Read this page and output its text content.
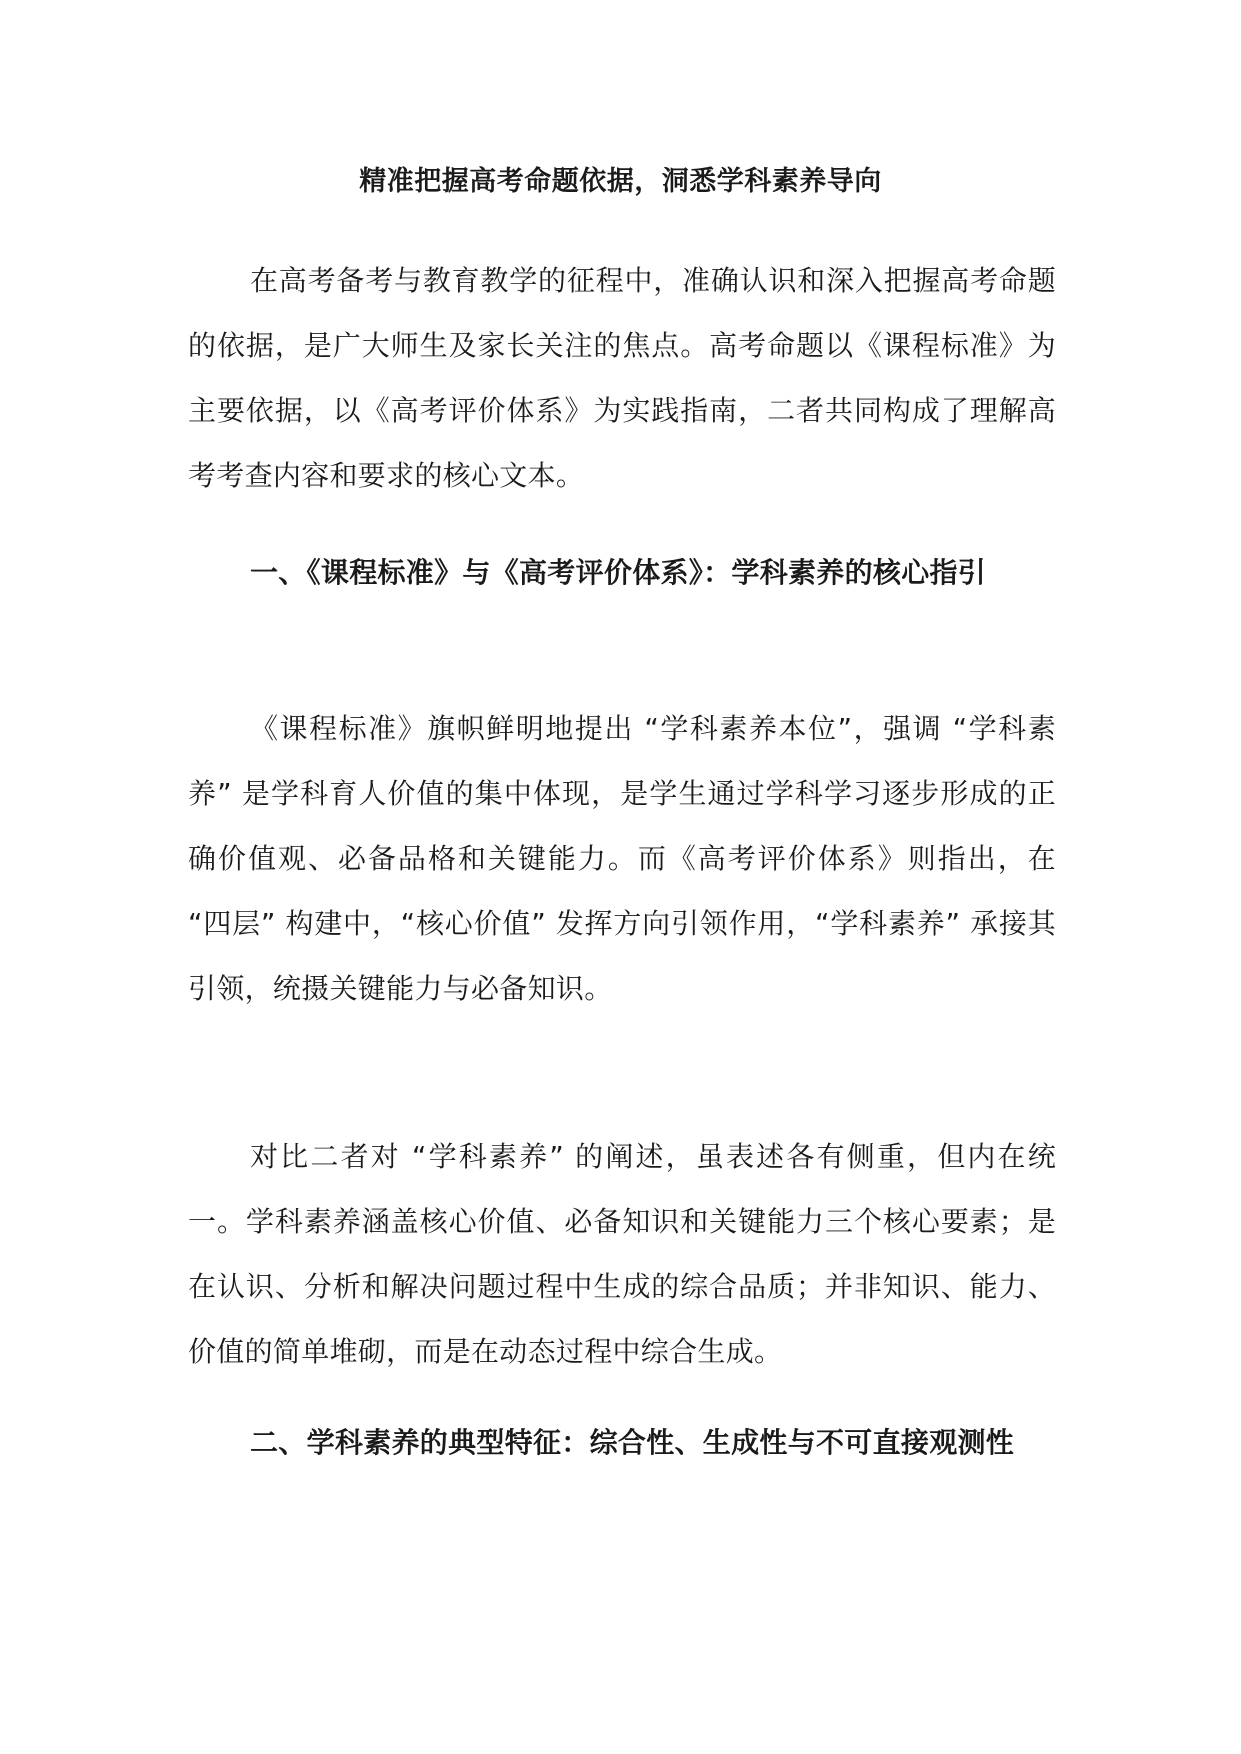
精准把握高考命题依据，洞悉学科素养导向
在高考备考与教育教学的征程中，准确认识和深入把握高考命题的依据，是广大师生及家长关注的焦点。高考命题以《课程标准》为主要依据，以《高考评价体系》为实践指南，二者共同构成了理解高考考查内容和要求的核心文本。
一、《课程标准》与《高考评价体系》：学科素养的核心指引
《课程标准》旗帜鲜明地提出 “学科素养本位”，强调 “学科素养” 是学科育人价值的集中体现，是学生通过学科学习逐步形成的正确价值观、必备品格和关键能力。而《高考评价体系》则指出，在 “四层” 构建中，“核心价值” 发挥方向引领作用，“学科素养” 承接其引领，统摄关键能力与必备知识。
对比二者对 “学科素养” 的阐述，虽表述各有侧重，但内在统一。学科素养涵盖核心价值、必备知识和关键能力三个核心要素；是在认识、分析和解决问题过程中生成的综合品质；并非知识、能力、价值的简单堆砌，而是在动态过程中综合生成。
二、学科素养的典型特征：综合性、生成性与不可直接观测性
